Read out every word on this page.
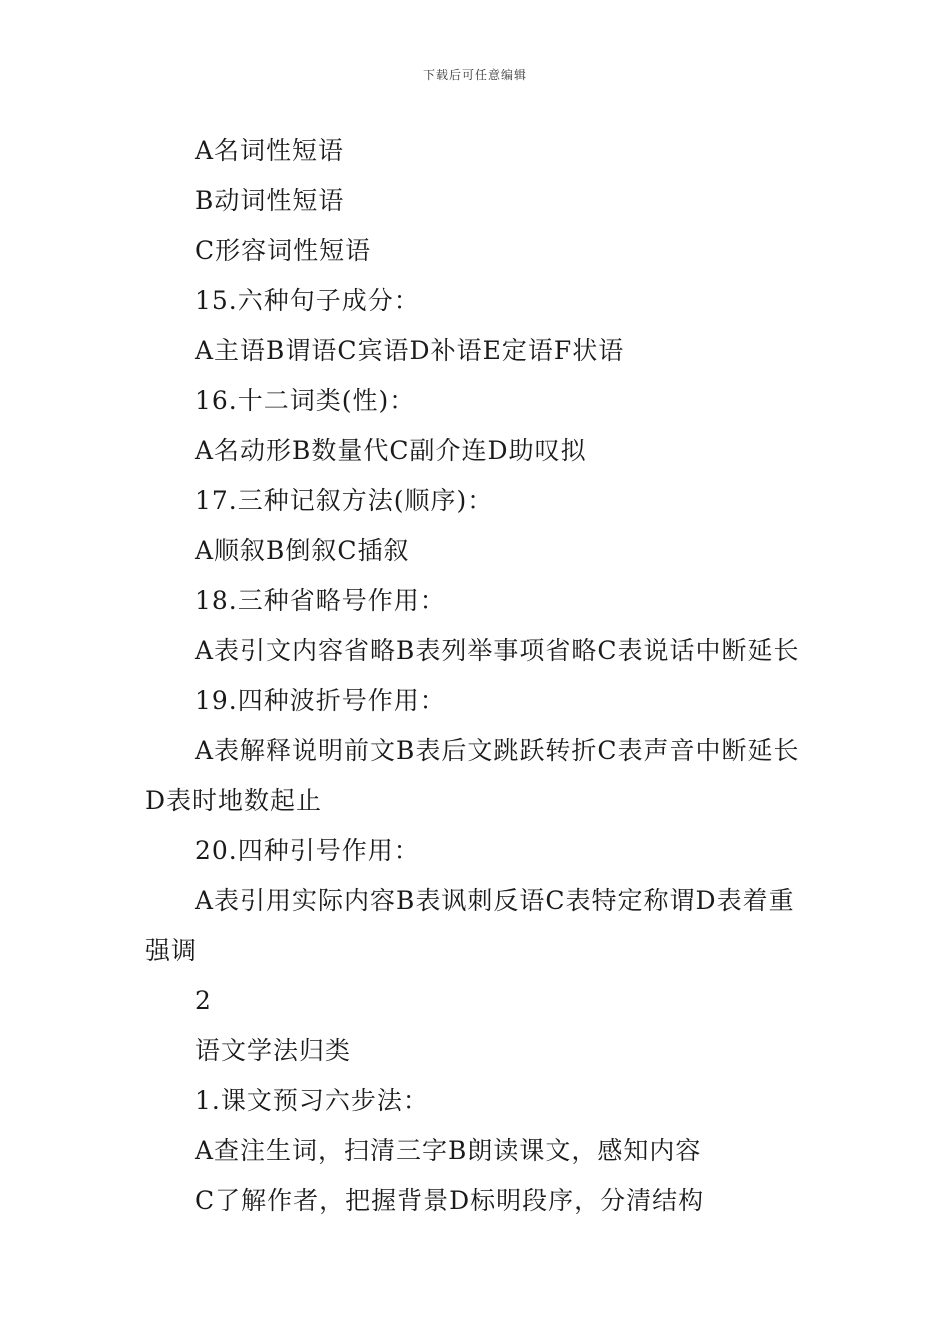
下载后可任意编辑

A名词性短语

B动词性短语

C形容词性短语

15.六种句子成分：

A主语B谓语C宾语D补语E定语F状语

16.十二词类(性)：

A名动形B数量代C副介连D助叹拟

17.三种记叙方法(顺序)：

A顺叙B倒叙C插叙

18.三种省略号作用：

A表引文内容省略B表列举事项省略C表说话中断延长

19.四种波折号作用：

A表解释说明前文B表后文跳跃转折C表声音中断延长D表时地数起止

20.四种引号作用：

A表引用实际内容B表讽刺反语C表特定称谓D表着重强调

2

语文学法归类

1.课文预习六步法：

A查注生词，扫清三字B朗读课文，感知内容

C了解作者，把握背景D标明段序，分清结构
